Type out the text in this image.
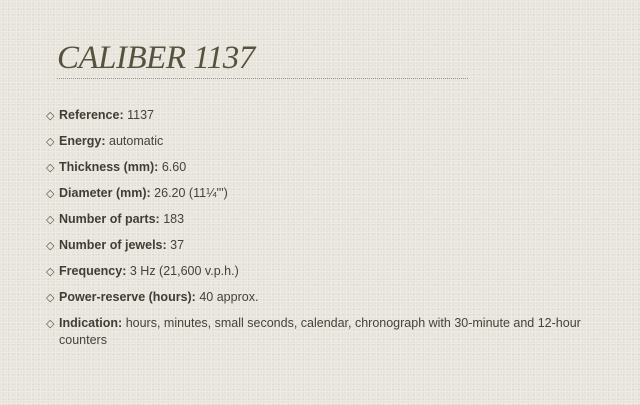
CALIBER 1137
◇ Reference: 1137
◇ Energy: automatic
◇ Thickness (mm): 6.60
◇ Diameter (mm): 26.20 (11¼''')
◇ Number of parts: 183
◇ Number of jewels: 37
◇ Frequency: 3 Hz (21,600 v.p.h.)
◇ Power-reserve (hours): 40 approx.
◇ Indication: hours, minutes, small seconds, calendar, chronograph with 30-minute and 12-hour counters
